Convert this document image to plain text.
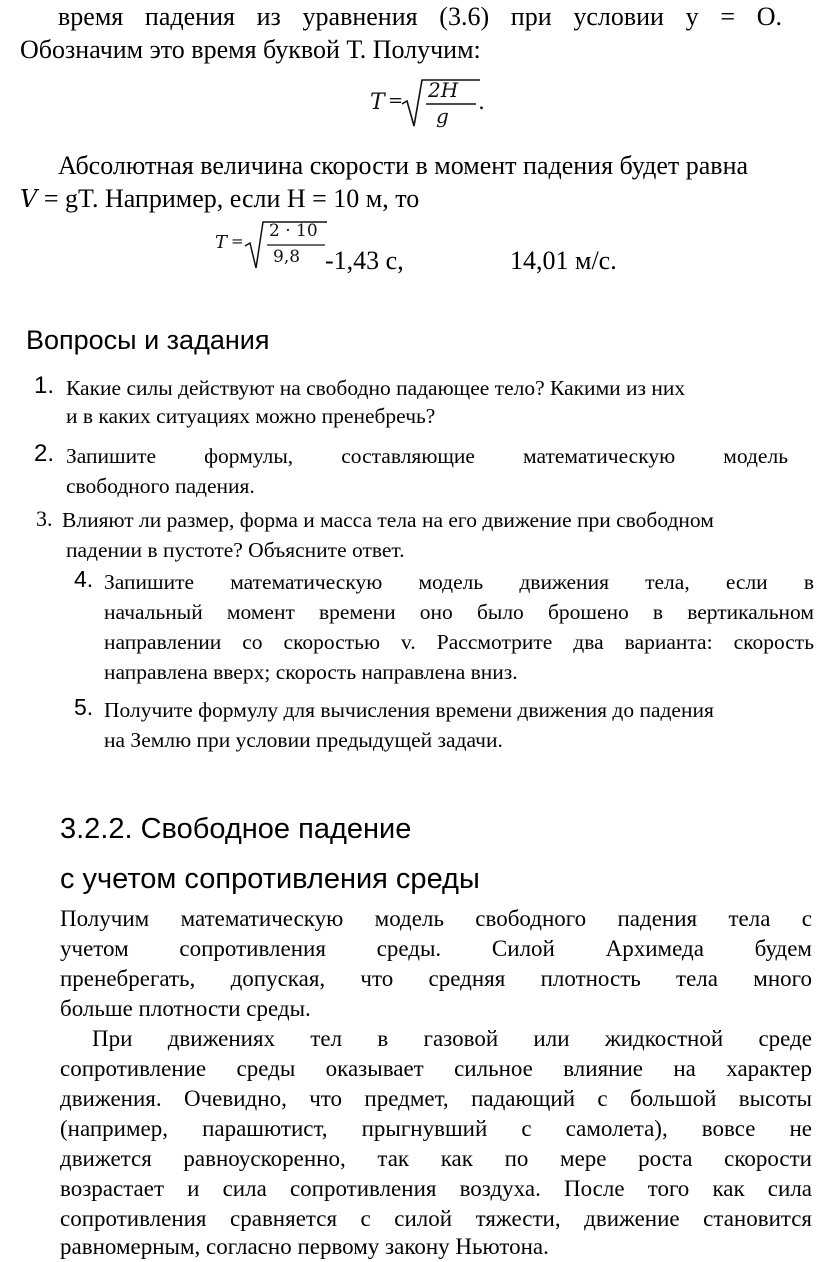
время падения из уравнения (3.6) при условии y = O.
Обозначим это время буквой Т. Получим:
T = 2H
g
.
Абсолютная величина скорости в момент падения будет равна
V = gT. Например, если H = 10 м, то
T = 2 · 10
9,8 -1,43 с,	14,01 м/с.
Вопросы и задания
1. Какие силы действуют на свободно падающее тело? Какими из них
и в каких ситуациях можно пренебречь?
2. Запишите формулы, составляющие математическую модель
свободного падения.
3. Влияют ли размер, форма и масса тела на его движение при свободном
падении в пустоте? Объясните ответ.
4. Запишите математическую модель движения тела, если в
начальный момент времени оно было брошено в вертикальном
направлении со скоростью v. Рассмотрите два варианта: скорость
направлена вверх; скорость направлена вниз.
5. Получите формулу для вычисления времени движения до падения
на Землю при условии предыдущей задачи.
3.2.2. Свободное падение
с учетом сопротивления среды
Получим математическую модель свободного падения тела с
учетом сопротивления среды. Силой Архимеда будем
пренебрегать, допуская, что средняя плотность тела много
больше плотности среды.
При движениях тел в газовой или жидкостной среде
сопротивление среды оказывает сильное влияние на характер
движения. Очевидно, что предмет, падающий с большой высоты
(например, парашютист, прыгнувший с самолета), вовсе не
движется равноускоренно, так как по мере роста скорости
возрастает и сила сопротивления воздуха. После того как сила
сопротивления сравняется с силой тяжести, движение становится
равномерным, согласно первому закону Ньютона.
